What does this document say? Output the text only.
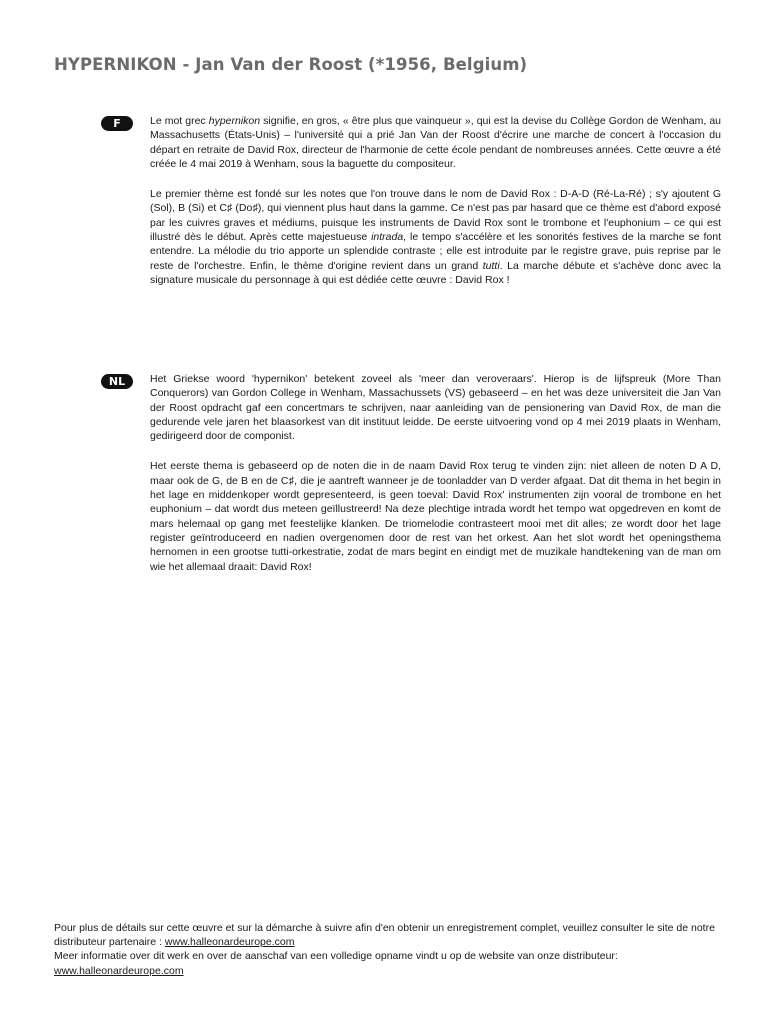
HYPERNIKON - Jan Van der Roost (*1956, Belgium)
F	Le mot grec hypernikon signifie, en gros, « être plus que vainqueur », qui est la devise du Collège Gordon de Wenham, au Massachusetts (États-Unis) – l'université qui a prié Jan Van der Roost d'écrire une marche de concert à l'occasion du départ en retraite de David Rox, directeur de l'harmonie de cette école pendant de nombreuses années. Cette œuvre a été créée le 4 mai 2019 à Wenham, sous la baguette du compositeur.

Le premier thème est fondé sur les notes que l'on trouve dans le nom de David Rox : D-A-D (Ré-La-Ré) ; s'y ajoutent G (Sol), B (Si) et C♯ (Do♯), qui viennent plus haut dans la gamme. Ce n'est pas par hasard que ce thème est d'abord exposé par les cuivres graves et médiums, puisque les instruments de David Rox sont le trombone et l'euphonium – ce qui est illustré dès le début. Après cette majestueuse intrada, le tempo s'accélère et les sonorités festives de la marche se font entendre. La mélodie du trio apporte un splendide contraste ; elle est introduite par le registre grave, puis reprise par le reste de l'orchestre. Enfin, le thème d'origine revient dans un grand tutti. La marche débute et s'achève donc avec la signature musicale du personnage à qui est dédiée cette œuvre : David Rox !

NL	Het Griekse woord 'hypernikon' betekent zoveel als 'meer dan veroveraars'. Hierop is de lijfspreuk (More Than Conquerors) van Gordon College in Wenham, Massachussets (VS) gebaseerd – en het was deze universiteit die Jan Van der Roost opdracht gaf een concertmars te schrijven, naar aanleiding van de pensionering van David Rox, de man die gedurende vele jaren het blaasorkest van dit instituut leidde. De eerste uitvoering vond op 4 mei 2019 plaats in Wenham, gedirigeerd door de componist.

Het eerste thema is gebaseerd op de noten die in de naam David Rox terug te vinden zijn: niet alleen de noten D A D, maar ook de G, de B en de C♯, die je aantreft wanneer je de toonladder van D verder afgaat. Dat dit thema in het begin in het lage en middenkoper wordt gepresenteerd, is geen toeval: David Rox' instrumenten zijn vooral de trombone en het euphonium – dat wordt dus meteen geïllustreerd! Na deze plechtige intrada wordt het tempo wat opgedreven en komt de mars helemaal op gang met feestelijke klanken. De triomelodie contrasteert mooi met dit alles; ze wordt door het lage register geïntroduceerd en nadien overgenomen door de rest van het orkest. Aan het slot wordt het openingsthema hernomen in een grootse tutti-orkestratie, zodat de mars begint en eindigt met de muzikale handtekening van de man om wie het allemaal draait: David Rox!

Pour plus de détails sur cette œuvre et sur la démarche à suivre afin d'en obtenir un enregistrement complet, veuillez consulter le site de notre distributeur partenaire : www.halleonardeurope.com
Meer informatie over dit werk en over de aanschaf van een volledige opname vindt u op de website van onze distributeur:
www.halleonardeurope.com
